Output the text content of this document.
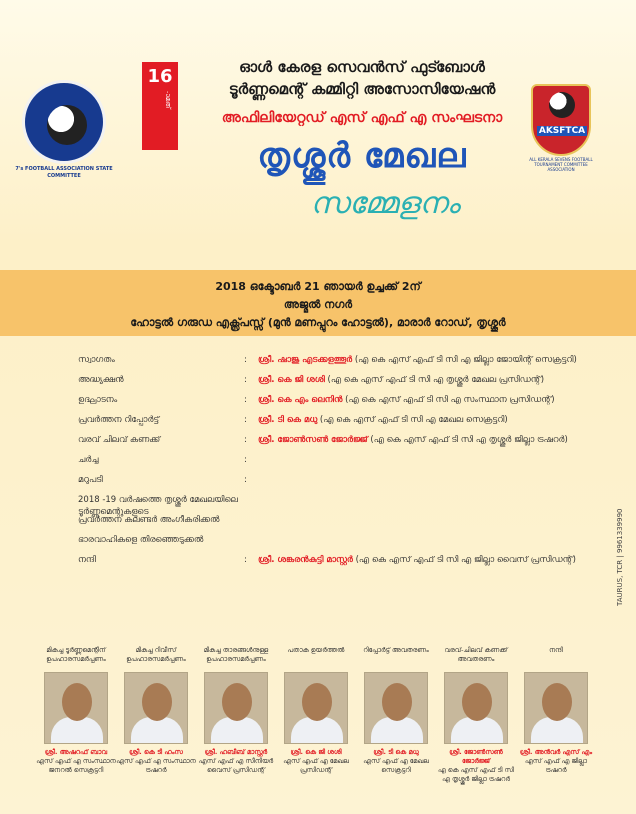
7's FOOTBALL ASSOCIATION STATE COMMITTEE
16
-ാമത്
ഓൾ കേരള സെവൻസ് ഫുട്ബോൾ
ടൂർണ്ണമെന്റ് കമ്മിറ്റി അസോസിയേഷൻ
അഫിലിയേറ്റഡ് എസ് എഫ് എ സംഘടനാ
തൃശ്ശൂർ മേഖല
സമ്മേളനം
AKSFTCA
ALL KERALA SEVENS FOOTBALL TOURNAMENT COMMITTEE ASSOCIATION
2018 ഒക്ടോബർ 21 ഞായർ ഉച്ചക്ക് 2ന്
അജ്മൽ നഗർ
ഹോട്ടൽ ഗരുഡ എക്സ്പ്രസ്സ് (മുൻ മണപ്പുറം ഹോട്ടൽ), മാരാർ റോഡ്, തൃശ്ശൂർ
സ്വാഗതം	:	ശ്രീ. ഷാജു എടക്കളത്തൂർ (എ കെ എസ് എഫ് ടി സി എ ജില്ലാ ജോയിന്റ് സെക്രട്ടറി)
അദ്ധ്യക്ഷൻ	:	ശ്രീ. കെ ജി ശശി (എ കെ എസ് എഫ് ടി സി എ തൃശ്ശൂർ മേഖല പ്രസിഡന്റ്)
ഉദ്ഘാടനം	:	ശ്രീ. കെ എം ലെനിൻ (എ കെ എസ് എഫ് ടി സി എ സംസ്ഥാന പ്രസിഡന്റ്)
പ്രവർത്തന റിപ്പോർട്ട്	:	ശ്രീ. ടി കെ മധു (എ കെ എസ് എഫ് ടി സി എ മേഖല സെക്രട്ടറി)
വരവ് ചിലവ് കണക്ക്	:	ശ്രീ. ജോൺസൺ ജോർജ്ജ് (എ കെ എസ് എഫ് ടി സി എ തൃശ്ശൂർ ജില്ലാ ട്രഷറർ)
ചർച്ച	:
മറുപടി	:
2018 -19 വർഷത്തെ തൃശ്ശൂർ മേഖലയിലെ ടൂർണ്ണമെന്റുകളുടെ
പ്രവർത്തന കലണ്ടർ അംഗീകരിക്കൽ
ഭാരവാഹികളെ തിരഞ്ഞെടുക്കൽ
നന്ദി	:	ശ്രീ. ശങ്കരൻകുട്ടി മാസ്റ്റർ (എ കെ എസ് എഫ് ടി സി എ ജില്ലാ വൈസ് പ്രസിഡന്റ്)	TAURUS, TCR | 9961339990
മികച്ച ടൂർണ്ണമെന്റിന് ഉപഹാരസമർപ്പണം
ശ്രീ. അഷറഫ് ബാവ
എസ് എഫ് എ സംസ്ഥാന ജനറൽ സെക്രട്ടറി
മികച്ച റിവീസ് ഉപഹാരസമർപ്പണം
ശ്രീ. കെ ടി ഹംസ
എസ് എഫ് എ സംസ്ഥാന ട്രഷറർ
മികച്ച താരങ്ങൾനുള്ള ഉപഹാരസമർപ്പണം
ശ്രീ. ഹബീബ് മാസ്റ്റർ
എസ് എഫ് എ സീനിയർ വൈസ് പ്രസിഡന്റ്
പതാക ഉയർത്തൽ
ശ്രീ. കെ ജി ശശി
എസ് എഫ് എ മേഖല പ്രസിഡന്റ്
റിപ്പോർട്ട് അവതരണം
ശ്രീ. ടി കെ മധു
എസ് എഫ് എ മേഖല സെക്രട്ടറി
വരവ്-ചിലവ് കണക്ക് അവതരണം
ശ്രീ. ജോൺസൺ ജോർജ്ജ്
എ കെ എസ് എഫ് ടി സി എ തൃശ്ശൂർ ജില്ലാ ട്രഷറർ
നന്ദി
ശ്രീ. അൻവർ എസ് എം
എസ് എഫ് എ ജില്ലാ ട്രഷറർ
